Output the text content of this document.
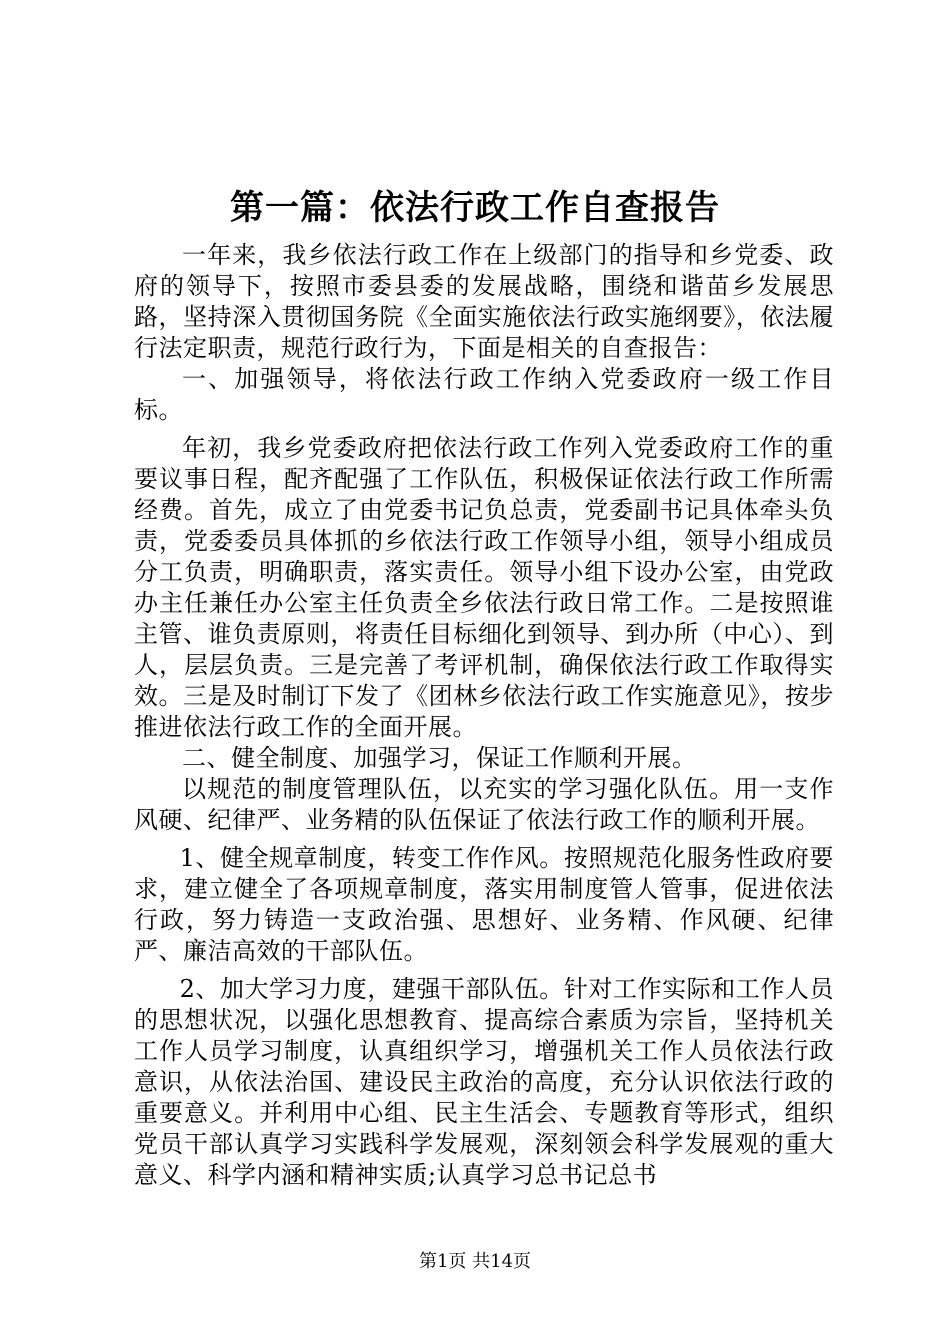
第一篇：依法行政工作自查报告

一年来，我乡依法行政工作在上级部门的指导和乡党委、政府的领导下，按照市委县委的发展战略，围绕和谐苗乡发展思路，坚持深入贯彻国务院《全面实施依法行政实施纲要》，依法履行法定职责，规范行政行为，下面是相关的自查报告：

一、加强领导，将依法行政工作纳入党委政府一级工作目标。

年初，我乡党委政府把依法行政工作列入党委政府工作的重要议事日程，配齐配强了工作队伍，积极保证依法行政工作所需经费。首先，成立了由党委书记负总责，党委副书记具体牵头负责，党委委员具体抓的乡依法行政工作领导小组，领导小组成员分工负责，明确职责，落实责任。领导小组下设办公室，由党政办主任兼任办公室主任负责全乡依法行政日常工作。二是按照谁主管、谁负责原则，将责任目标细化到领导、到办所（中心）、到人，层层负责。三是完善了考评机制，确保依法行政工作取得实效。三是及时制订下发了《团林乡依法行政工作实施意见》，按步推进依法行政工作的全面开展。

二、健全制度、加强学习，保证工作顺利开展。

以规范的制度管理队伍，以充实的学习强化队伍。用一支作风硬、纪律严、业务精的队伍保证了依法行政工作的顺利开展。

1、健全规章制度，转变工作作风。按照规范化服务性政府要求，建立健全了各项规章制度，落实用制度管人管事，促进依法行政，努力铸造一支政治强、思想好、业务精、作风硬、纪律严、廉洁高效的干部队伍。

2、加大学习力度，建强干部队伍。针对工作实际和工作人员的思想状况，以强化思想教育、提高综合素质为宗旨，坚持机关工作人员学习制度，认真组织学习，增强机关工作人员依法行政意识，从依法治国、建设民主政治的高度，充分认识依法行政的重要意义。并利用中心组、民主生活会、专题教育等形式，组织党员干部认真学习实践科学发展观，深刻领会科学发展观的重大意义、科学内涵和精神实质;认真学习总书记总书

第1页 共14页
